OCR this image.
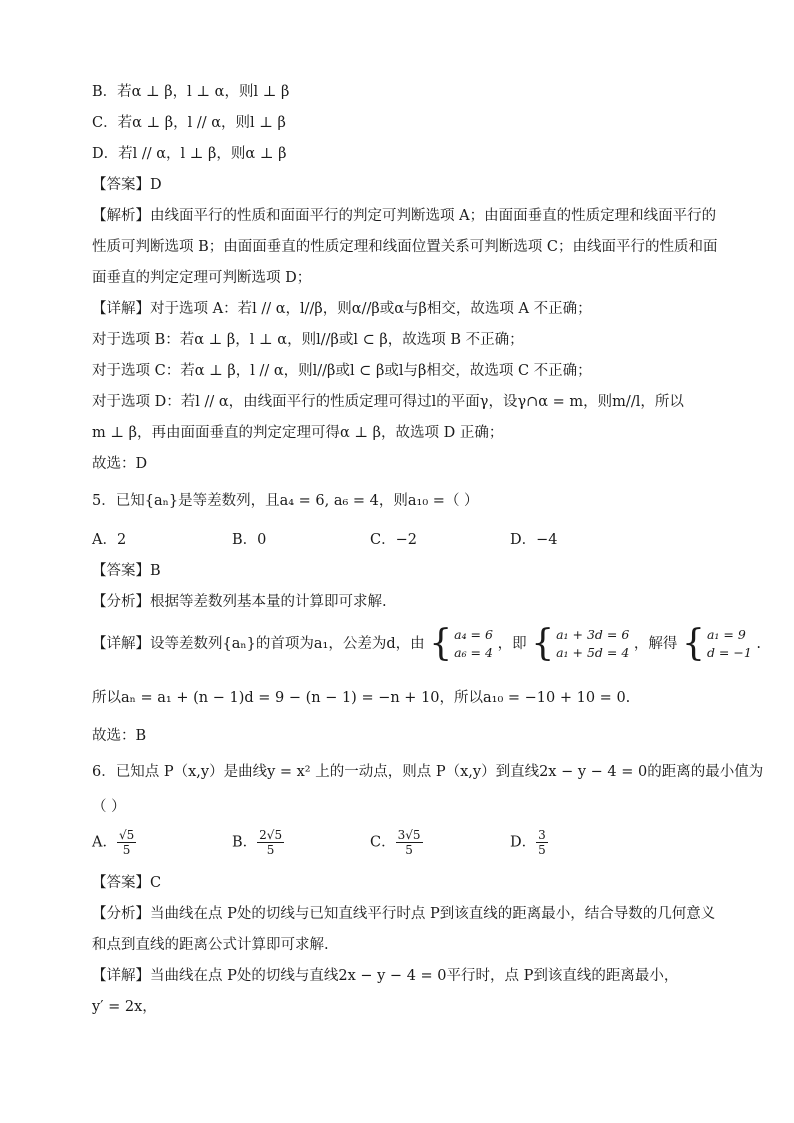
B．若α ⊥ β，l ⊥ α，则l ⊥ β
C．若α ⊥ β，l // α，则l ⊥ β
D．若l // α，l ⊥ β，则α ⊥ β
【答案】D
【解析】由线面平行的性质和面面平行的判定可判断选项 A；由面面垂直的性质定理和线面平行的
性质可判断选项 B；由面面垂直的性质定理和线面位置关系可判断选项 C；由线面平行的性质和面
面垂直的判定定理可判断选项 D；
【详解】对于选项 A：若l // α，l//β，则α//β或α与β相交，故选项 A 不正确；
对于选项 B：若α ⊥ β，l ⊥ α，则l//β或l ⊂ β，故选项 B 不正确；
对于选项 C：若α ⊥ β，l // α，则l//β或l ⊂ β或l与β相交，故选项 C 不正确；
对于选项 D：若l // α，由线面平行的性质定理可得过l的平面γ，设γ∩α = m，则m//l，所以
m ⊥ β，再由面面垂直的判定定理可得α ⊥ β，故选项 D 正确；
故选：D
5．已知{aₙ}是等差数列，且a₄ = 6, a₆ = 4，则a₁₀ =（ ）
A．2	B．0	C．−2	D．−4
【答案】B
【分析】根据等差数列基本量的计算即可求解.
【详解】设等差数列{aₙ}的首项为a₁，公差为d，由 { a₄ = 6
a₆ = 4
，即 { a₁ + 3d = 6
a₁ + 5d = 4
，解得 { a₁ = 9
d = −1
.
所以aₙ = a₁ + (n − 1)d = 9 − (n − 1) = −n + 10，所以a₁₀ = −10 + 10 = 0.
故选：B
6．已知点 P（x,y）是曲线y = x² 上的一动点，则点 P（x,y）到直线2x − y − 4 = 0的距离的最小值为
（ ）
A． $\frac{√5}{5}$	B． $\frac{2√5}{5}$	C． $\frac{3√5}{5}$	D． $\frac{3}{5}$
【答案】C
【分析】当曲线在点 P处的切线与已知直线平行时点 P到该直线的距离最小，结合导数的几何意义
和点到直线的距离公式计算即可求解.
【详解】当曲线在点 P处的切线与直线2x − y − 4 = 0平行时，点 P到该直线的距离最小，
y′ = 2x，
